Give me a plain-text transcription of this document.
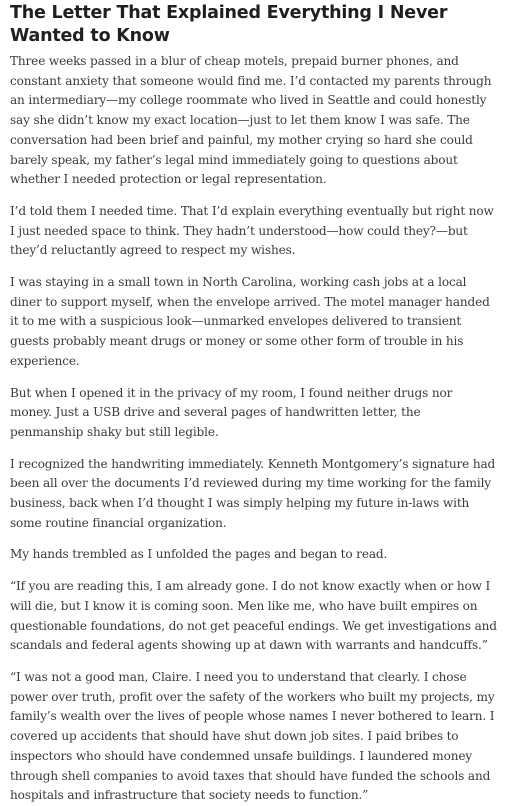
The Letter That Explained Everything I Never Wanted to Know

Three weeks passed in a blur of cheap motels, prepaid burner phones, and constant anxiety that someone would find me. I’d contacted my parents through an intermediary—my college roommate who lived in Seattle and could honestly say she didn’t know my exact location—just to let them know I was safe. The conversation had been brief and painful, my mother crying so hard she could barely speak, my father’s legal mind immediately going to questions about whether I needed protection or legal representation.

I’d told them I needed time. That I’d explain everything eventually but right now I just needed space to think. They hadn’t understood—how could they?—but they’d reluctantly agreed to respect my wishes.

I was staying in a small town in North Carolina, working cash jobs at a local diner to support myself, when the envelope arrived. The motel manager handed it to me with a suspicious look—unmarked envelopes delivered to transient guests probably meant drugs or money or some other form of trouble in his experience.

But when I opened it in the privacy of my room, I found neither drugs nor money. Just a USB drive and several pages of handwritten letter, the penmanship shaky but still legible.

I recognized the handwriting immediately. Kenneth Montgomery’s signature had been all over the documents I’d reviewed during my time working for the family business, back when I’d thought I was simply helping my future in-laws with some routine financial organization.

My hands trembled as I unfolded the pages and began to read.

“If you are reading this, I am already gone. I do not know exactly when or how I will die, but I know it is coming soon. Men like me, who have built empires on questionable foundations, do not get peaceful endings. We get investigations and scandals and federal agents showing up at dawn with warrants and handcuffs.”

“I was not a good man, Claire. I need you to understand that clearly. I chose power over truth, profit over the safety of the workers who built my projects, my family’s wealth over the lives of people whose names I never bothered to learn. I covered up accidents that should have shut down job sites. I paid bribes to inspectors who should have condemned unsafe buildings. I laundered money through shell companies to avoid taxes that should have funded the schools and hospitals and infrastructure that society needs to function.”
